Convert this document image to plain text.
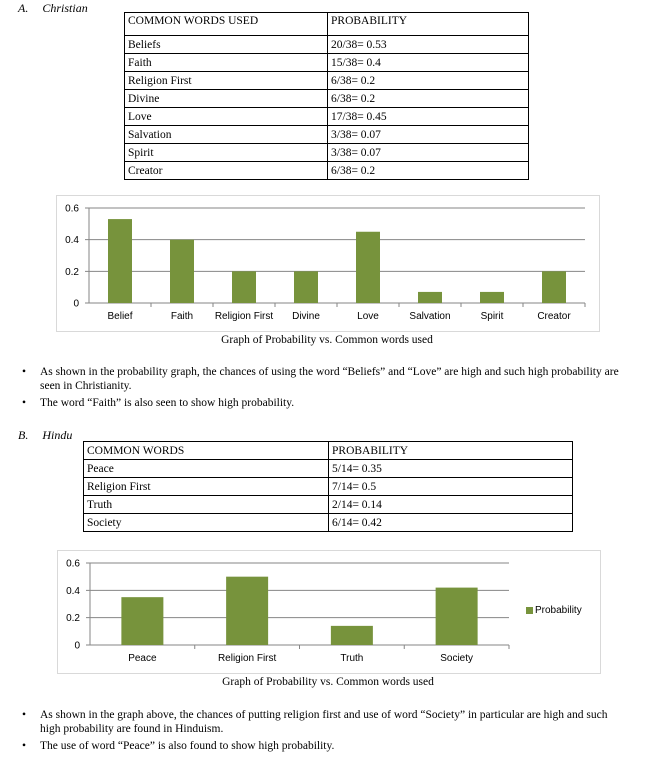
A. Christian
COMMON WORDS USED	PROBABILITY
Beliefs	20/38= 0.53
Faith	15/38= 0.4
Religion First	6/38= 0.2
Divine	6/38= 0.2
Love	17/38= 0.45
Salvation	3/38= 0.07
Spirit	3/38= 0.07
Creator	6/38= 0.2
0
0.2
0.4
0.6
Belief	Faith Religion First Divine	Love	Salvation	Spirit	Creator
Graph of Probability vs. Common words used
• As shown in the probability graph, the chances of using the word “Beliefs” and “Love” are high and such high probability are seen in Christianity.
• The word “Faith” is also seen to show high probability.
B. Hindu
COMMON WORDS	PROBABILITY
Peace	5/14= 0.35
Religion First	7/14= 0.5
Truth	2/14= 0.14
Society	6/14= 0.42
0
0.2
0.4
0.6
Peace	Religion First	Truth	Society
Probability
Graph of Probability vs. Common words used
• As shown in the graph above, the chances of putting religion first and use of word “Society” in particular are high and such high probability are found in Hinduism.
• The use of word “Peace” is also found to show high probability.
